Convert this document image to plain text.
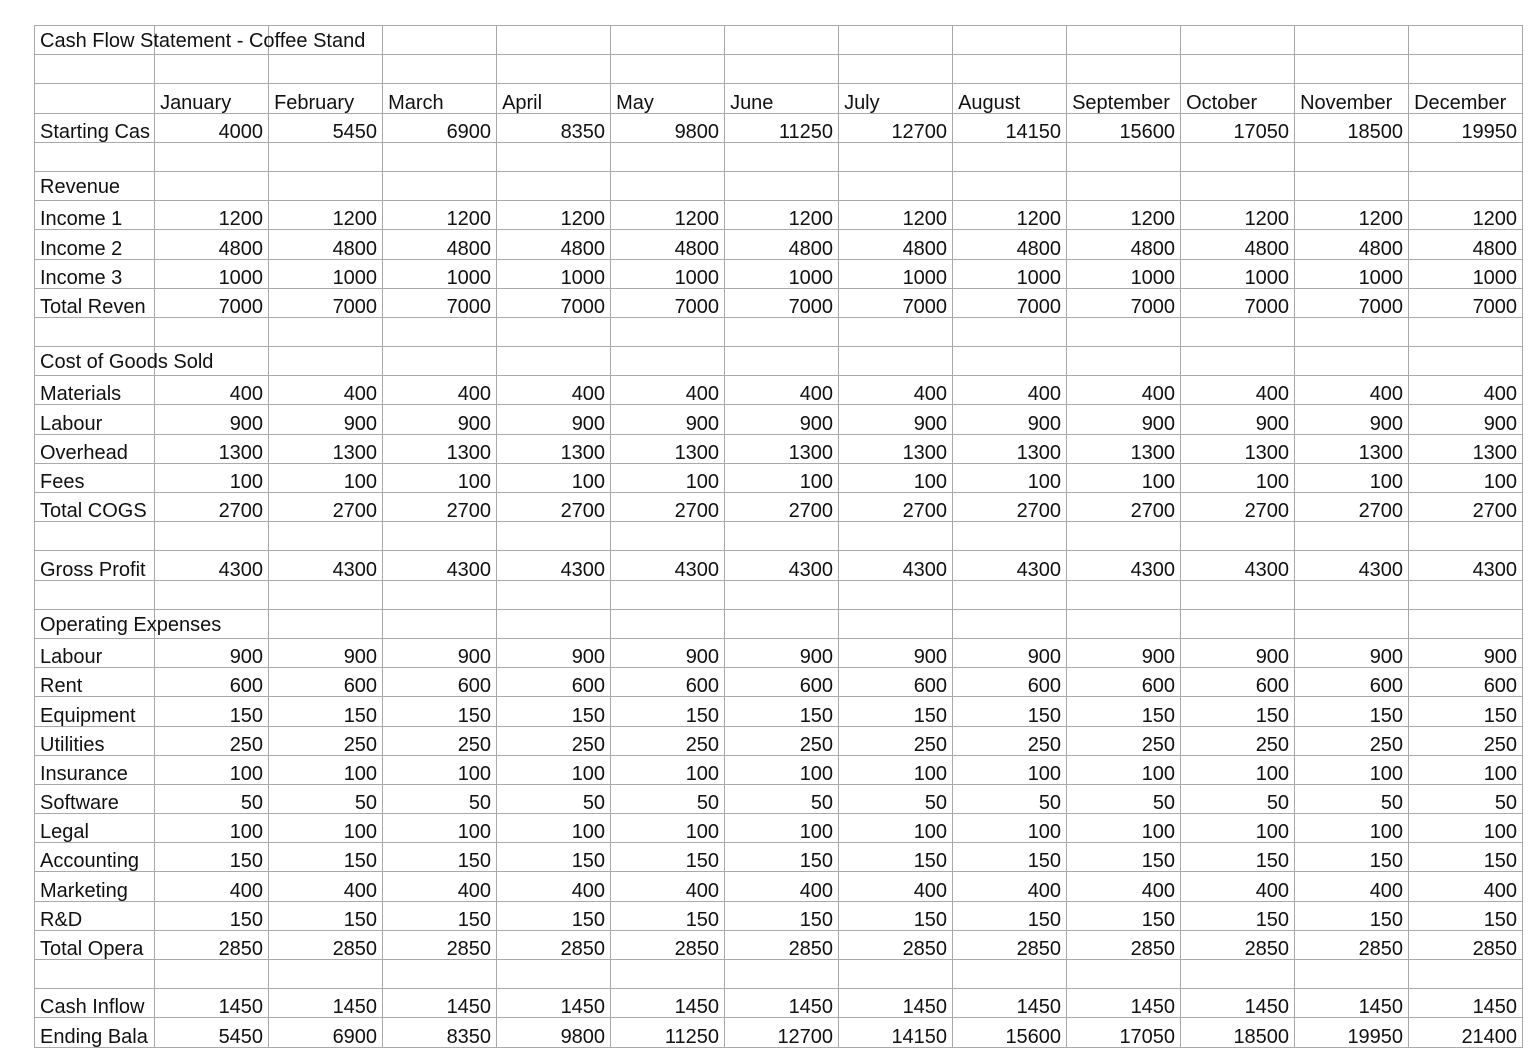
Cash Flow Statement - Coffee Stand												

	January	February	March	April	May	June	July	August	September	October	November	December
Starting Cas	4000	5450	6900	8350	9800	11250	12700	14150	15600	17050	18500	19950

Revenue												

Income 1	1200	1200	1200	1200	1200	1200	1200	1200	1200	1200	1200	1200
Income 2	4800	4800	4800	4800	4800	4800	4800	4800	4800	4800	4800	4800
Income 3	1000	1000	1000	1000	1000	1000	1000	1000	1000	1000	1000	1000
Total Reven	7000	7000	7000	7000	7000	7000	7000	7000	7000	7000	7000	7000

Cost of Goods Sold												

Materials	400	400	400	400	400	400	400	400	400	400	400	400
Labour	900	900	900	900	900	900	900	900	900	900	900	900
Overhead	1300	1300	1300	1300	1300	1300	1300	1300	1300	1300	1300	1300
Fees	100	100	100	100	100	100	100	100	100	100	100	100
Total COGS	2700	2700	2700	2700	2700	2700	2700	2700	2700	2700	2700	2700

Gross Profit	4300	4300	4300	4300	4300	4300	4300	4300	4300	4300	4300	4300

Operating Expenses												

Labour	900	900	900	900	900	900	900	900	900	900	900	900
Rent	600	600	600	600	600	600	600	600	600	600	600	600
Equipment	150	150	150	150	150	150	150	150	150	150	150	150
Utilities	250	250	250	250	250	250	250	250	250	250	250	250
Insurance	100	100	100	100	100	100	100	100	100	100	100	100
Software	50	50	50	50	50	50	50	50	50	50	50	50
Legal	100	100	100	100	100	100	100	100	100	100	100	100
Accounting	150	150	150	150	150	150	150	150	150	150	150	150
Marketing	400	400	400	400	400	400	400	400	400	400	400	400
R&D	150	150	150	150	150	150	150	150	150	150	150	150
Total Opera	2850	2850	2850	2850	2850	2850	2850	2850	2850	2850	2850	2850

Cash Inflow	1450	1450	1450	1450	1450	1450	1450	1450	1450	1450	1450	1450
Ending Bala	5450	6900	8350	9800	11250	12700	14150	15600	17050	18500	19950	21400
